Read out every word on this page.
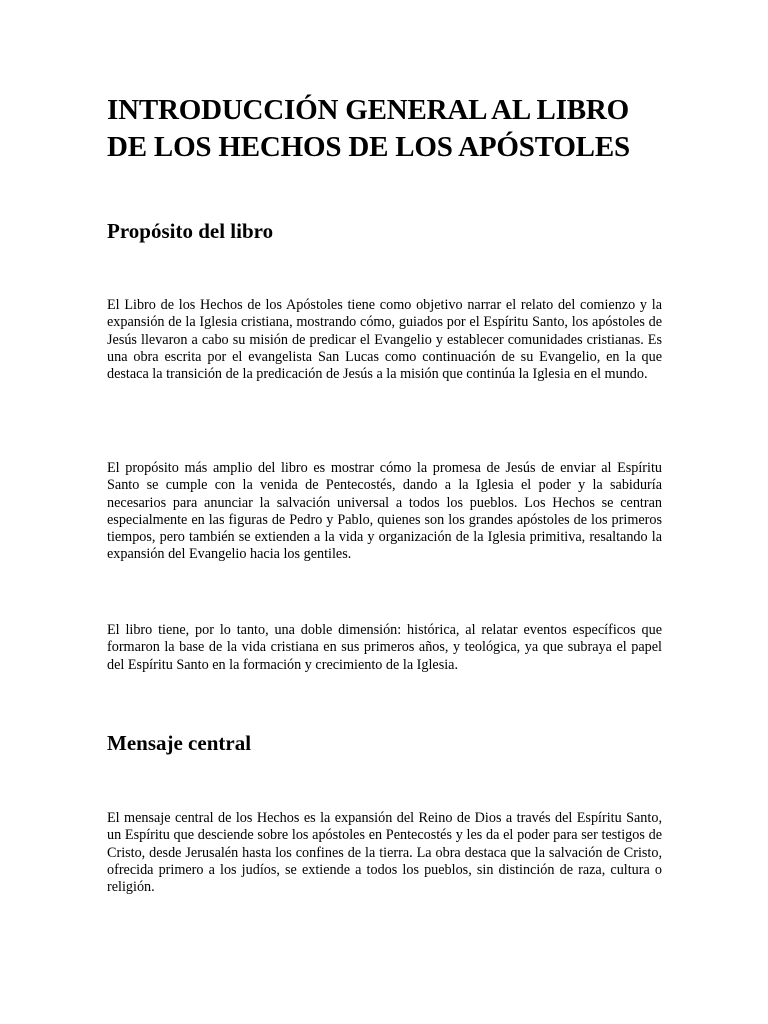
INTRODUCCIÓN GENERAL AL LIBRO
DE LOS HECHOS DE LOS APÓSTOLES
Propósito del libro

El Libro de los Hechos de los Apóstoles tiene como objetivo narrar el relato del comienzo y la expansión de la Iglesia cristiana, mostrando cómo, guiados por el Espíritu Santo, los apóstoles de Jesús llevaron a cabo su misión de predicar el Evangelio y establecer comunidades cristianas. Es una obra escrita por el evangelista San Lucas como continuación de su Evangelio, en la que destaca la transición de la predicación de Jesús a la misión que continúa la Iglesia en el mundo.

El propósito más amplio del libro es mostrar cómo la promesa de Jesús de enviar al Espíritu Santo se cumple con la venida de Pentecostés, dando a la Iglesia el poder y la sabiduría necesarios para anunciar la salvación universal a todos los pueblos. Los Hechos se centran especialmente en las figuras de Pedro y Pablo, quienes son los grandes apóstoles de los primeros tiempos, pero también se extienden a la vida y organización de la Iglesia primitiva, resaltando la expansión del Evangelio hacia los gentiles.

El libro tiene, por lo tanto, una doble dimensión: histórica, al relatar eventos específicos que formaron la base de la vida cristiana en sus primeros años, y teológica, ya que subraya el papel del Espíritu Santo en la formación y crecimiento de la Iglesia.

Mensaje central

El mensaje central de los Hechos es la expansión del Reino de Dios a través del Espíritu Santo, un Espíritu que desciende sobre los apóstoles en Pentecostés y les da el poder para ser testigos de Cristo, desde Jerusalén hasta los confines de la tierra. La obra destaca que la salvación de Cristo, ofrecida primero a los judíos, se extiende a todos los pueblos, sin distinción de raza, cultura o religión.
